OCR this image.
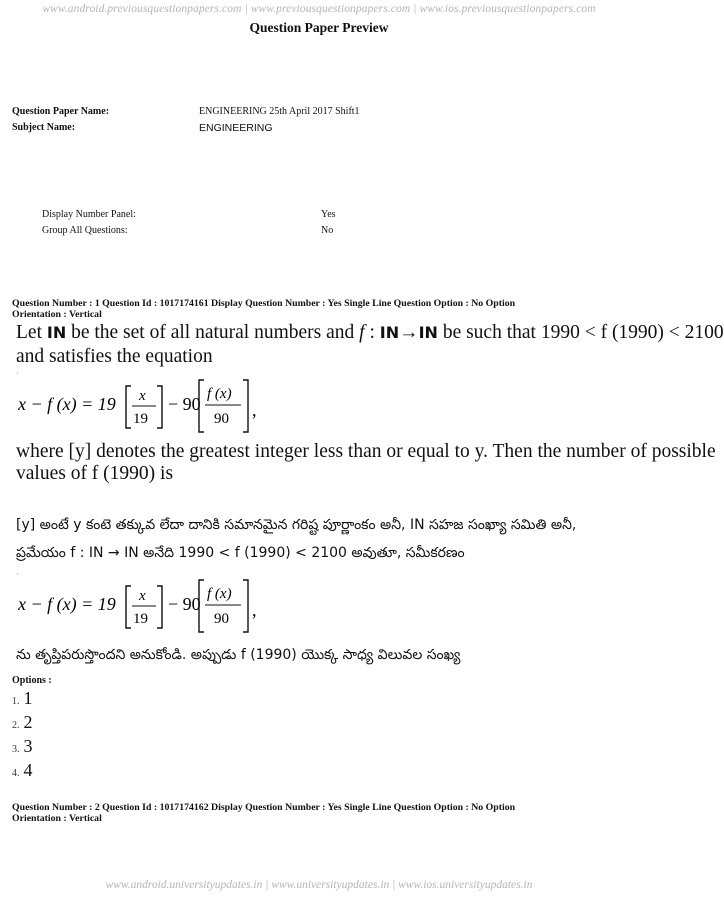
www.android.previousquestionpapers.com | www.previousquestionpapers.com | www.ios.previousquestionpapers.com
Question Paper Preview
Question Paper Name:	ENGINEERING 25th April 2017 Shift1
Subject Name:	ENGINEERING
Display Number Panel:	Yes
Group All Questions:	No
Question Number : 1 Question Id : 1017174161 Display Question Number : Yes Single Line Question Option : No Option
Orientation : Vertical
Let IN be the set of all natural numbers and f : IN→IN be such that 1990 < f (1990) < 2100
and satisfies the equation
·
x − f (x) = 19 x
19
− 90 f (x)
90 ,
where [y] denotes the greatest integer less than or equal to y. Then the number of possible
values of f (1990) is
[y] అంటే y కంటె తక్కువ లేదా దానికి సమానమైన గరిష్ట పూర్ణాంకం అనీ, IN సహజ సంఖ్యా సమితి అనీ,
ప్రమేయం f : IN → IN అనేది 1990 < f (1990) < 2100 అవుతూ, సమీకరణం
·
x − f (x) = 19 x
19
− 90 f (x)
90 ,
ను తృప్తిపరుస్తొందని అనుకోండి. అప్పుడు f (1990) యొక్క సాధ్య విలువల సంఖ్య
Options :
1. 1
2. 2
3. 3
4. 4
Question Number : 2 Question Id : 1017174162 Display Question Number : Yes Single Line Question Option : No Option
Orientation : Vertical
www.android.universityupdates.in | www.universityupdates.in | www.ios.universityupdates.in
